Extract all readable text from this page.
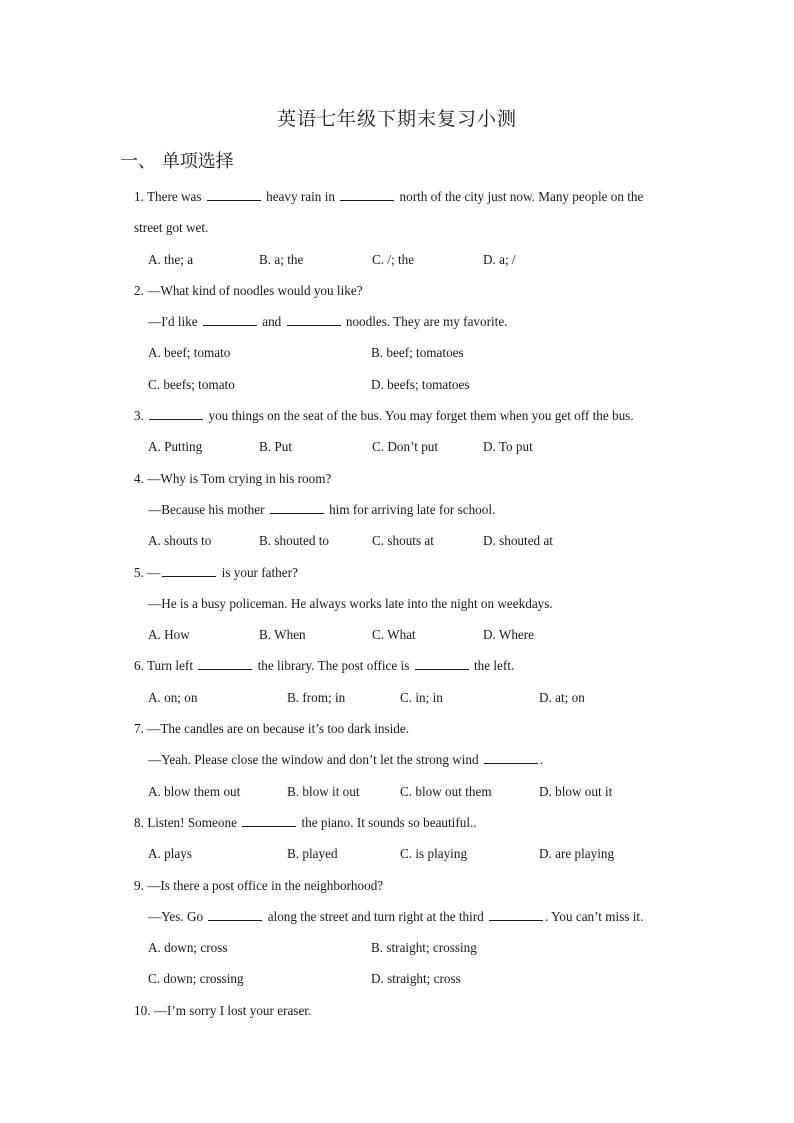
英语七年级下期末复习小测
一、 单项选择
1. There was	heavy rain in	north of the city just now. Many people on the
street got wet.
A. the; a	B. a; the	C. /; the	D. a; /
2. —What kind of noodles would you like?
—I'd like	and	noodles. They are my favorite.
A. beef; tomato	B. beef; tomatoes
C. beefs; tomato	D. beefs; tomatoes
3.	you things on the seat of the bus. You may forget them when you get off the bus.
A. Putting	B. Put	C. Don’t put	D. To put
4. —Why is Tom crying in his room?
—Because his mother	him for arriving late for school.
A. shouts to	B. shouted to	C. shouts at	D. shouted at
5. —	is your father?
—He is a busy policeman. He always works late into the night on weekdays.
A. How	B. When	C. What	D. Where
6. Turn left	the library. The post office is	the left.
A. on; on	B. from; in	C. in; in	D. at; on
7. —The candles are on because it’s too dark inside.
—Yeah. Please close the window and don’t let the strong wind	.
A. blow them out	B. blow it out	C. blow out them	D. blow out it
8. Listen! Someone	the piano. It sounds so beautiful..
A. plays	B. played	C. is playing	D. are playing
9. —Is there a post office in the neighborhood?
—Yes. Go	along the street and turn right at the third	. You can’t miss it.
A. down; cross	B. straight; crossing
C. down; crossing	D. straight; cross
10. —I’m sorry I lost your eraser.
